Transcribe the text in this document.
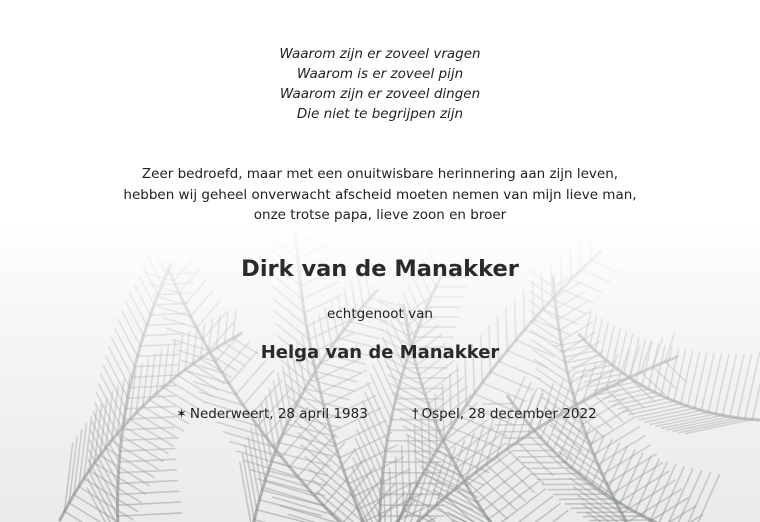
Waarom zijn er zoveel vragen
Waarom is er zoveel pijn
Waarom zijn er zoveel dingen
Die niet te begrijpen zijn
Zeer bedroefd, maar met een onuitwisbare herinnering aan zijn leven,
hebben wij geheel onverwacht afscheid moeten nemen van mijn lieve man,
onze trotse papa, lieve zoon en broer
Dirk van de Manakker
echtgenoot van
Helga van de Manakker
✶ Nederweert, 28 april 1983	† Ospel, 28 december 2022
